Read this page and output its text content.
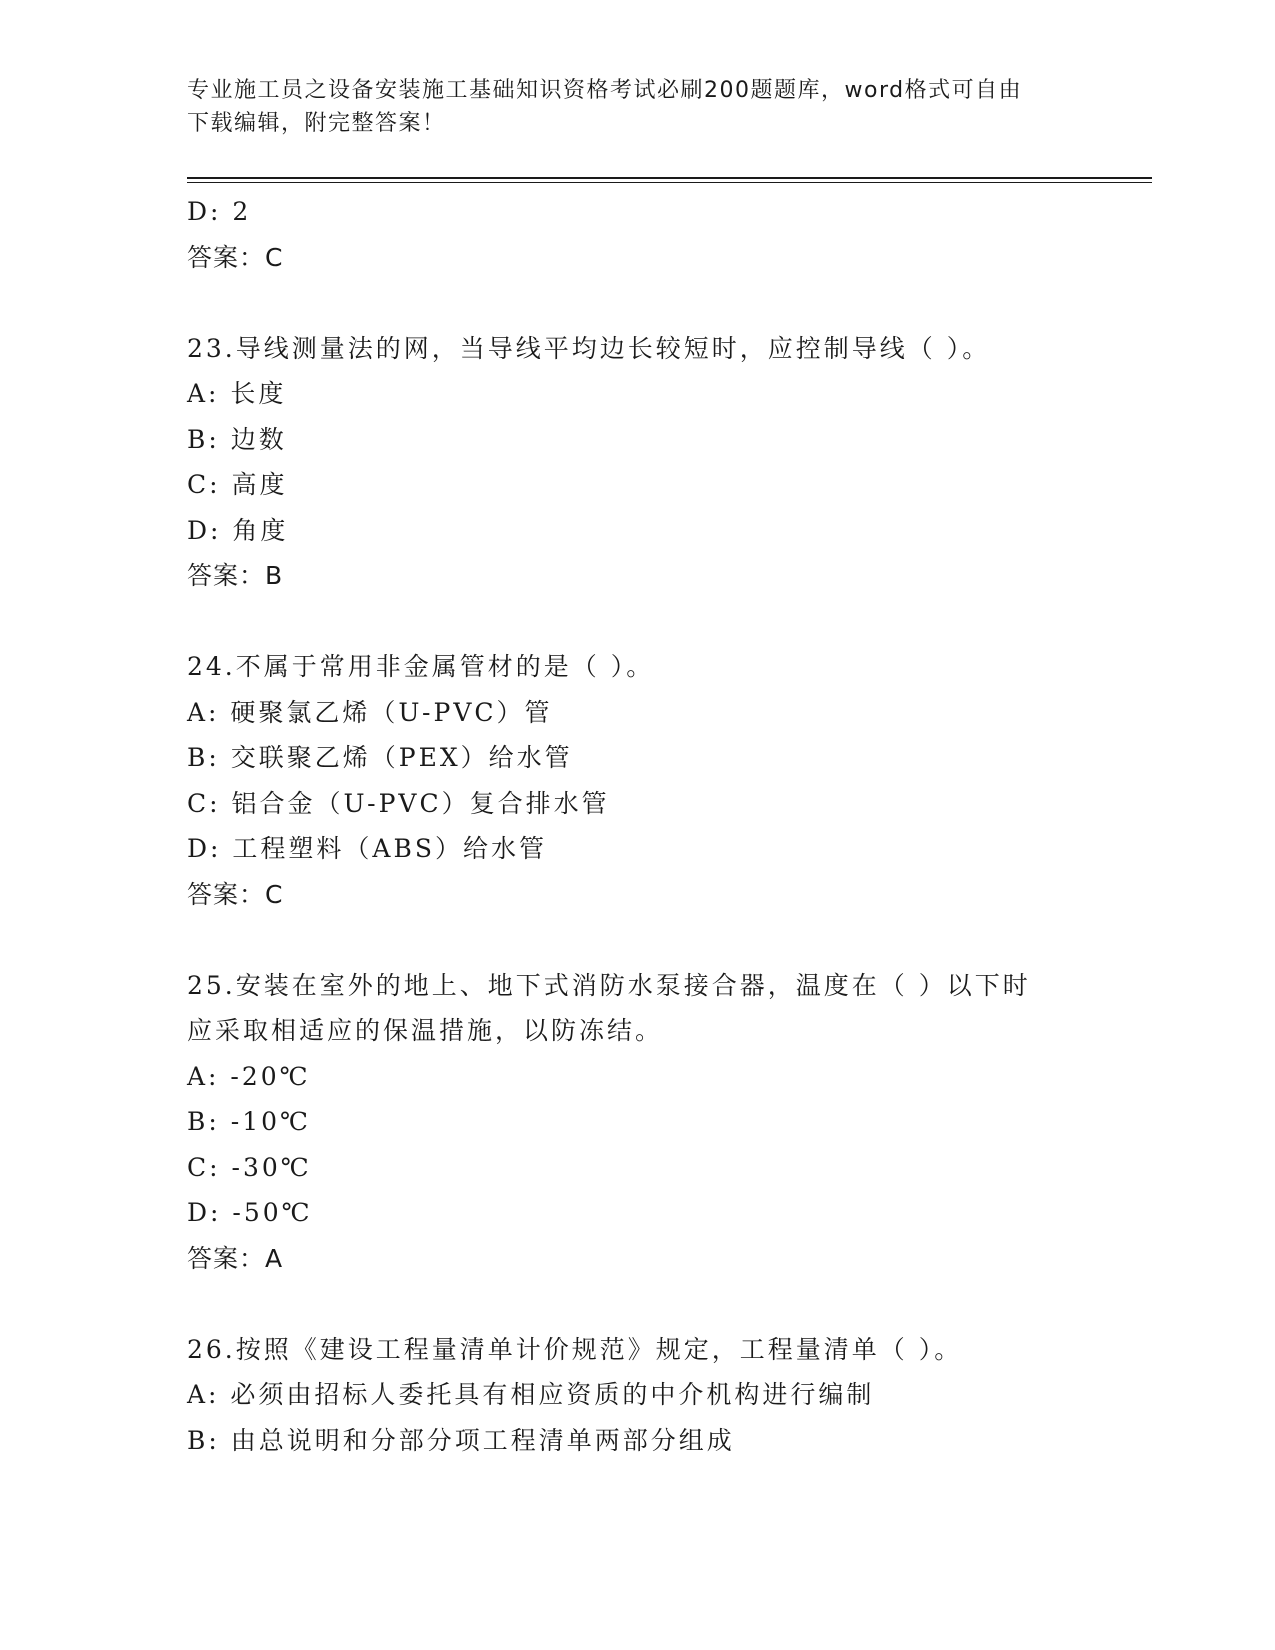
专业施工员之设备安装施工基础知识资格考试必刷200题题库，word格式可自由
下载编辑，附完整答案！
D: 2
答案：C
23.导线测量法的网，当导线平均边长较短时，应控制导线（ ）。
A: 长度
B: 边数
C: 高度
D: 角度
答案：B
24.不属于常用非金属管材的是（ ）。
A: 硬聚氯乙烯（U-PVC）管
B: 交联聚乙烯（PEX）给水管
C: 铝合金（U-PVC）复合排水管
D: 工程塑料（ABS）给水管
答案：C
25.安装在室外的地上、地下式消防水泵接合器，温度在（ ）以下时
应采取相适应的保温措施，以防冻结。
A: -20℃
B: -10℃
C: -30℃
D: -50℃
答案：A
26.按照《建设工程量清单计价规范》规定，工程量清单（ ）。
A: 必须由招标人委托具有相应资质的中介机构进行编制
B: 由总说明和分部分项工程清单两部分组成
